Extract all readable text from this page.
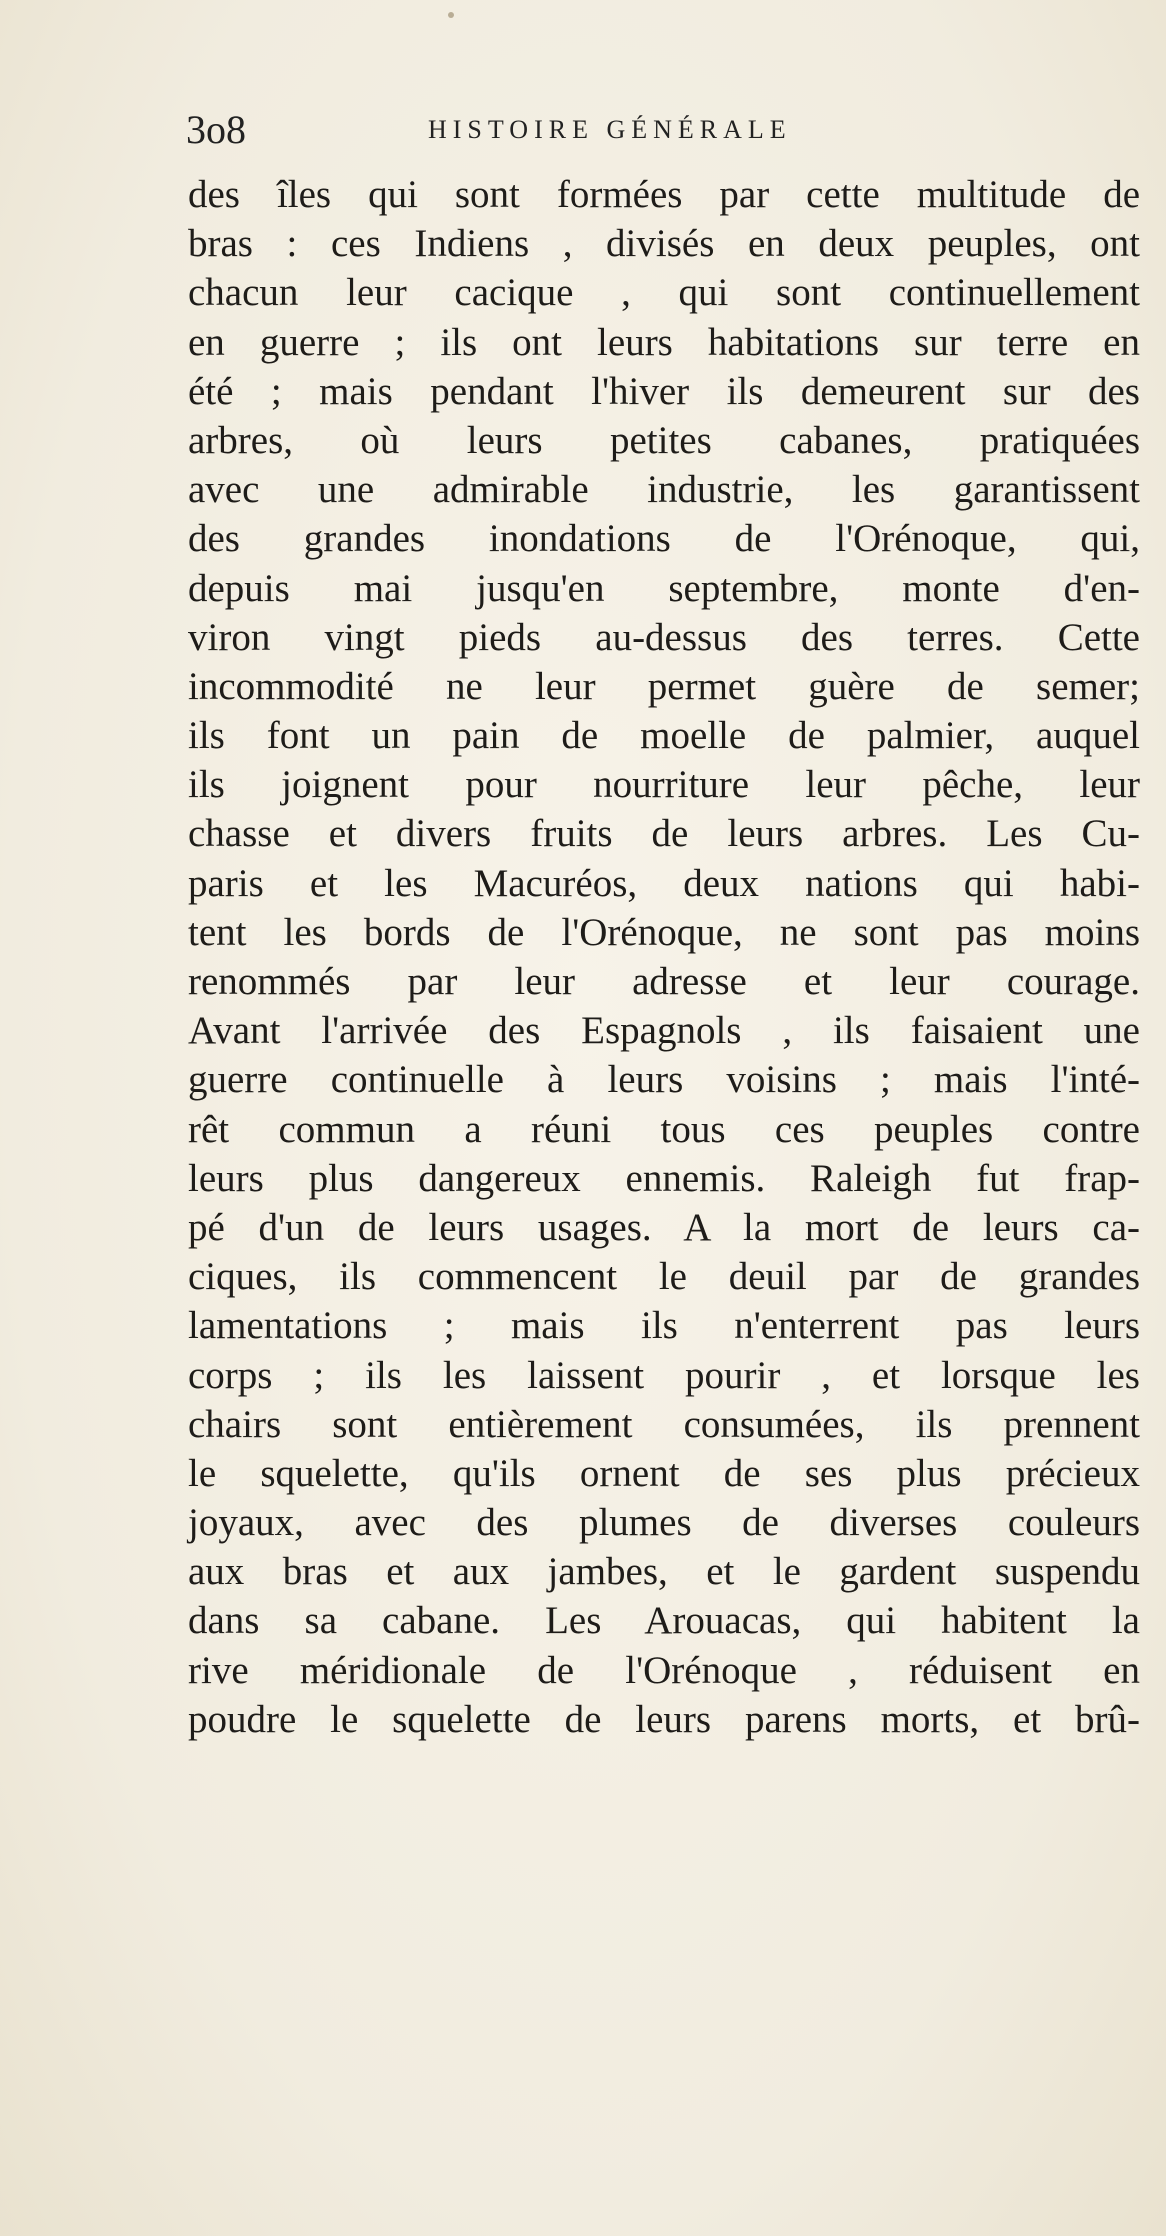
3o8	HISTOIRE GÉNÉRALE
des îles qui sont formées par cette multitude de
bras : ces Indiens , divisés en deux peuples, ont
chacun leur cacique , qui sont continuellement
en guerre ; ils ont leurs habitations sur terre en
été ; mais pendant l'hiver ils demeurent sur des
arbres, où leurs petites cabanes, pratiquées
avec une admirable industrie, les garantissent
des grandes inondations de l'Orénoque, qui,
depuis mai jusqu'en septembre, monte d'en-
viron vingt pieds au-dessus des terres. Cette
incommodité ne leur permet guère de semer;
ils font un pain de moelle de palmier, auquel
ils joignent pour nourriture leur pêche, leur
chasse et divers fruits de leurs arbres. Les Cu-
paris et les Macuréos, deux nations qui habi-
tent les bords de l'Orénoque, ne sont pas moins
renommés par leur adresse et leur courage.
Avant l'arrivée des Espagnols , ils faisaient une
guerre continuelle à leurs voisins ; mais l'inté-
rêt commun a réuni tous ces peuples contre
leurs plus dangereux ennemis. Raleigh fut frap-
pé d'un de leurs usages. A la mort de leurs ca-
ciques, ils commencent le deuil par de grandes
lamentations ; mais ils n'enterrent pas leurs
corps ; ils les laissent pourir , et lorsque les
chairs sont entièrement consumées, ils prennent
le squelette, qu'ils ornent de ses plus précieux
joyaux, avec des plumes de diverses couleurs
aux bras et aux jambes, et le gardent suspendu
dans sa cabane. Les Arouacas, qui habitent la
rive méridionale de l'Orénoque , réduisent en
poudre le squelette de leurs parens morts, et brû-
